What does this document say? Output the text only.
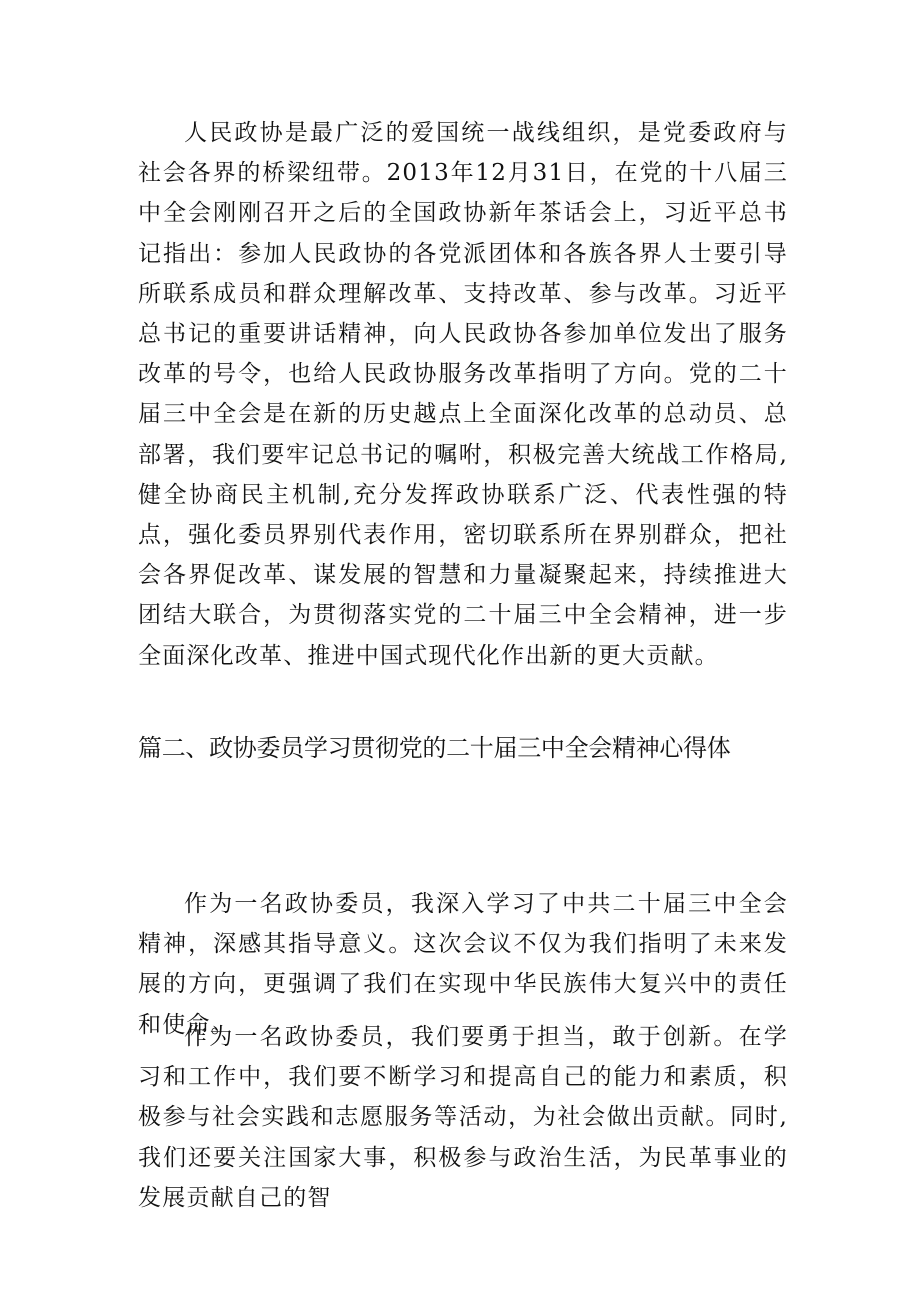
人民政协是最广泛的爱国统一战线组织，是党委政府与社会各界的桥梁纽带。2013年12月31日，在党的十八届三中全会刚刚召开之后的全国政协新年茶话会上，习近平总书记指出：参加人民政协的各党派团体和各族各界人士要引导所联系成员和群众理解改革、支持改革、参与改革。习近平总书记的重要讲话精神，向人民政协各参加单位发出了服务改革的号令，也给人民政协服务改革指明了方向。党的二十届三中全会是在新的历史越点上全面深化改革的总动员、总部署，我们要牢记总书记的嘱咐，积极完善大统战工作格局,健全协商民主机制,充分发挥政协联系广泛、代表性强的特点，强化委员界别代表作用，密切联系所在界别群众，把社会各界促改革、谋发展的智慧和力量凝聚起来，持续推进大团结大联合，为贯彻落实党的二十届三中全会精神，进一步全面深化改革、推进中国式现代化作出新的更大贡献。

篇二、政协委员学习贯彻党的二十届三中全会精神心得体

作为一名政协委员，我深入学习了中共二十届三中全会精神，深感其指导意义。这次会议不仅为我们指明了未来发展的方向，更强调了我们在实现中华民族伟大复兴中的责任和使命。

作为一名政协委员，我们要勇于担当，敢于创新。在学习和工作中，我们要不断学习和提高自己的能力和素质，积极参与社会实践和志愿服务等活动，为社会做出贡献。同时,我们还要关注国家大事，积极参与政治生活，为民革事业的发展贡献自己的智
